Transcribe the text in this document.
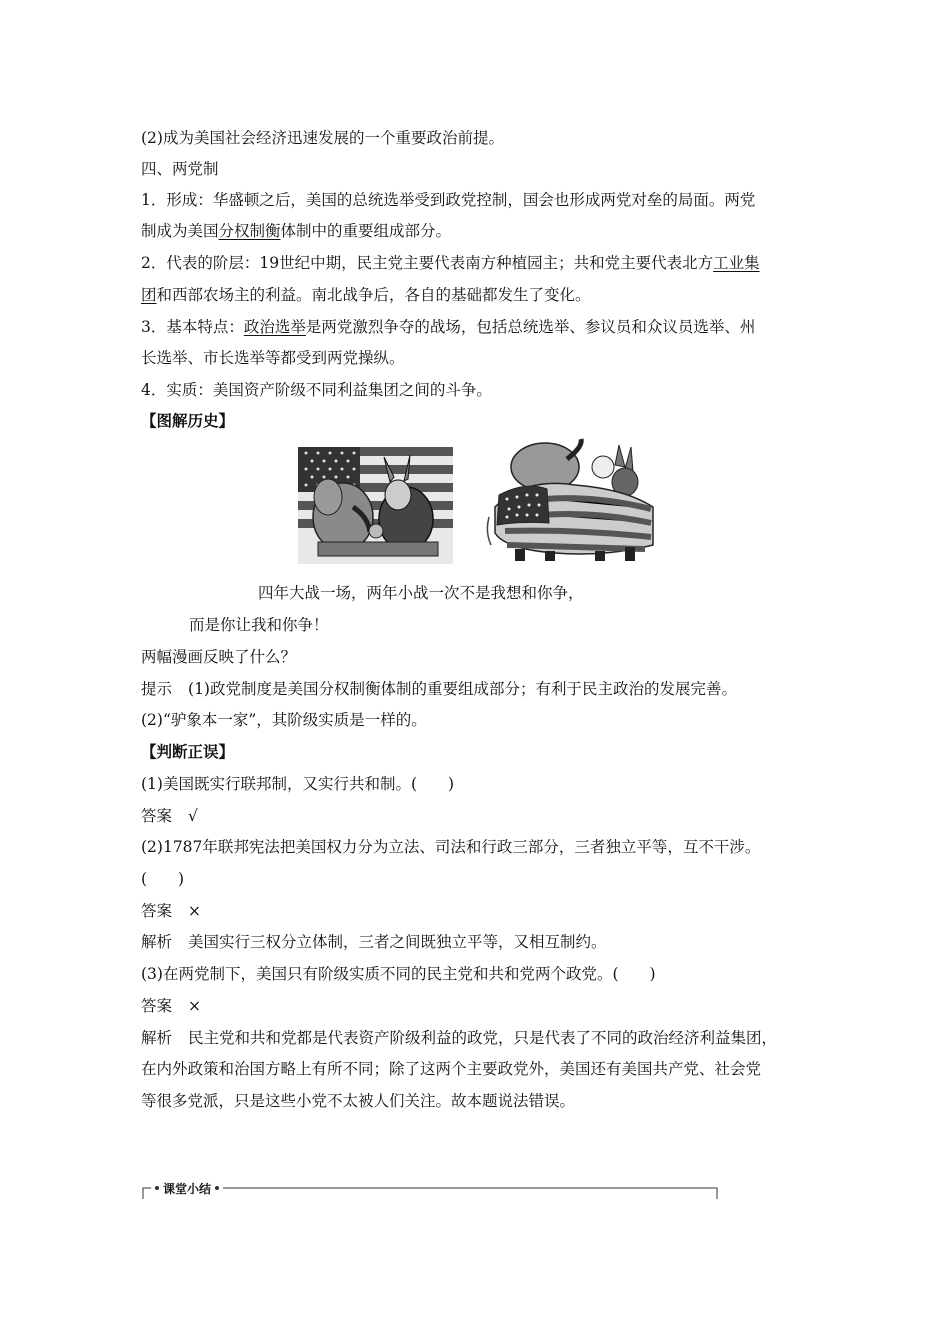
(2)成为美国社会经济迅速发展的一个重要政治前提。
四、两党制
1．形成：华盛顿之后，美国的总统选举受到政党控制，国会也形成两党对垒的局面。两党
制成为美国分权制衡体制中的重要组成部分。
2．代表的阶层：19世纪中期，民主党主要代表南方种植园主；共和党主要代表北方工业集
团和西部农场主的利益。南北战争后，各自的基础都发生了变化。
3．基本特点：政治选举是两党激烈争夺的战场，包括总统选举、参议员和众议员选举、州
长选举、市长选举等都受到两党操纵。
4．实质：美国资产阶级不同利益集团之间的斗争。
【图解历史】
四年大战一场，两年小战一次不是我想和你争，
而是你让我和你争！
两幅漫画反映了什么？
提示 (1)政党制度是美国分权制衡体制的重要组成部分；有利于民主政治的发展完善。
(2)“驴象本一家”，其阶级实质是一样的。
【判断正误】
(1)美国既实行联邦制，又实行共和制。(　　)
答案 √
(2)1787年联邦宪法把美国权力分为立法、司法和行政三部分，三者独立平等，互不干涉。
(　　)
答案 ×
解析 美国实行三权分立体制，三者之间既独立平等，又相互制约。
(3)在两党制下，美国只有阶级实质不同的民主党和共和党两个政党。(　　)
答案 ×
解析 民主党和共和党都是代表资产阶级利益的政党，只是代表了不同的政治经济利益集团，
在内外政策和治国方略上有所不同；除了这两个主要政党外，美国还有美国共产党、社会党
等很多党派，只是这些小党不太被人们关注。故本题说法错误。
课堂小结
